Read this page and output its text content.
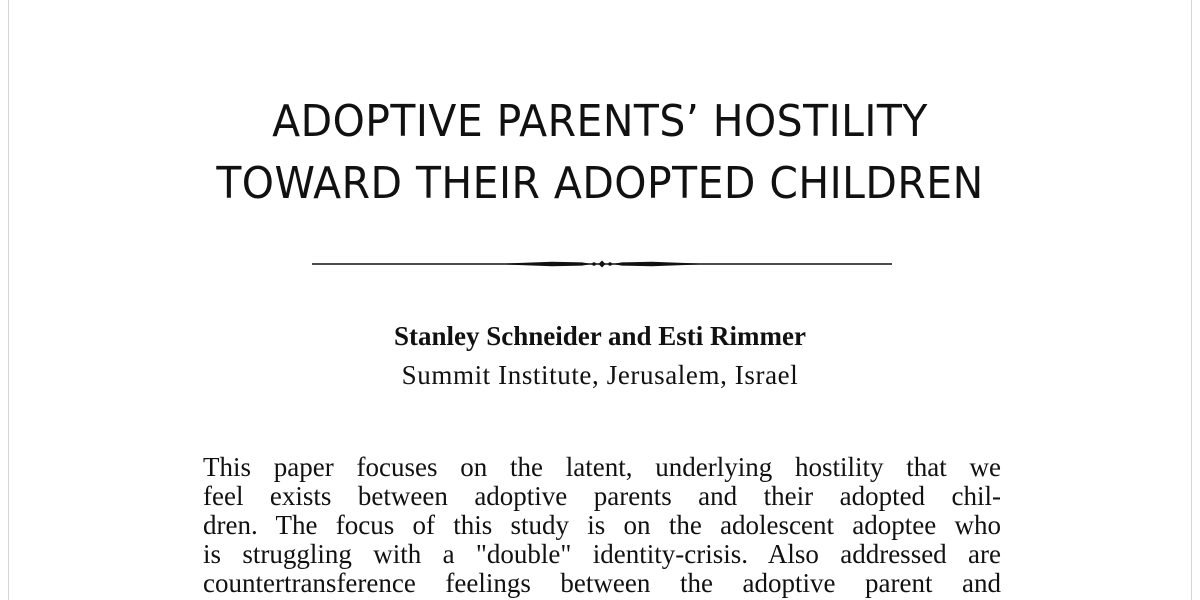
ADOPTIVE PARENTS’ HOSTILITY
TOWARD THEIR ADOPTED CHILDREN
Stanley Schneider and Esti Rimmer
Summit Institute, Jerusalem, Israel
This paper focuses on the latent, underlying hostility that we
feel exists between adoptive parents and their adopted chil-
dren. The focus of this study is on the adolescent adoptee who
is struggling with a "double" identity-crisis. Also addressed are
countertransference feelings between the adoptive parent and
